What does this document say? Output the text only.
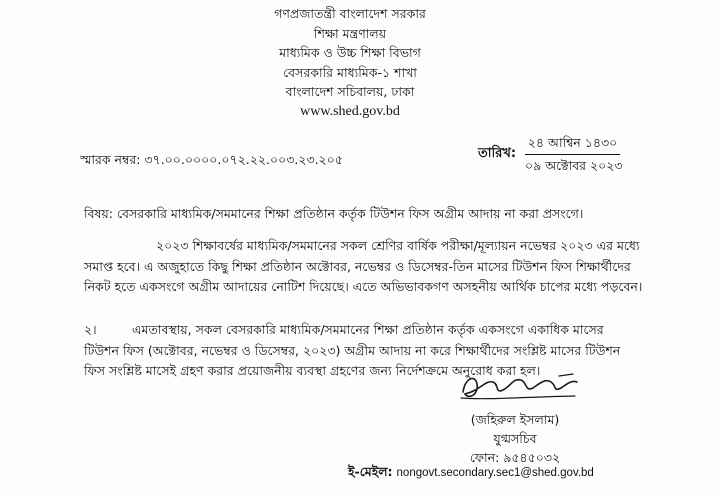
গণপ্রজাতন্ত্রী বাংলাদেশ সরকার
শিক্ষা মন্ত্রণালয়
মাধ্যমিক ও উচ্চ শিক্ষা বিভাগ
বেসরকারি মাধ্যমিক-১ শাখা
বাংলাদেশ সচিবালয়, ঢাকা
www.shed.gov.bd
স্মারক নম্বর: ৩৭.০০.০০০০.০৭২.২২.০০৩.২৩.২০৫	তারিখ:
২৪ আশ্বিন ১৪৩০
০৯ অক্টোবর ২০২৩
বিষয়: বেসরকারি মাধ্যমিক/সমমানের শিক্ষা প্রতিষ্ঠান কর্তৃক টিউশন ফিস অগ্রীম আদায় না করা প্রসংগে।
২০২৩ শিক্ষাবর্ষের মাধ্যমিক/সমমানের সকল শ্রেণির বার্ষিক পরীক্ষা/মূল্যায়ন নভেম্বর ২০২৩ এর মধ্যে
সমাপ্ত হবে। এ অজুহাতে কিছু শিক্ষা প্রতিষ্ঠান অক্টোবর, নভেম্বর ও ডিসেম্বর-তিন মাসের টিউশন ফিস শিক্ষার্থীদের
নিকট হতে একসংগে অগ্রীম আদায়ের নোটিশ দিয়েছে। এতে অভিভাবকগণ অসহনীয় আর্থিক চাপের মধ্যে পড়বেন।
২।	এমতাবস্থায়, সকল বেসরকারি মাধ্যমিক/সমমানের শিক্ষা প্রতিষ্ঠান কর্তৃক একসংগে একাধিক মাসের
টিউশন ফিস (অক্টোবর, নভেম্বর ও ডিসেম্বর, ২০২৩) অগ্রীম আদায় না করে শিক্ষার্থীদের সংশ্লিষ্ট মাসের টিউশন
ফিস সংশ্লিষ্ট মাসেই গ্রহণ করার প্রয়োজনীয় ব্যবস্থা গ্রহণের জন্য নির্দেশক্রমে অনুরোধ করা হল।
(জহিরুল ইসলাম)
যুগ্মসচিব
ফোন: ৯৫৪৫০৩২
ই-মেইল: nongovt.secondary.sec1@shed.gov.bd
